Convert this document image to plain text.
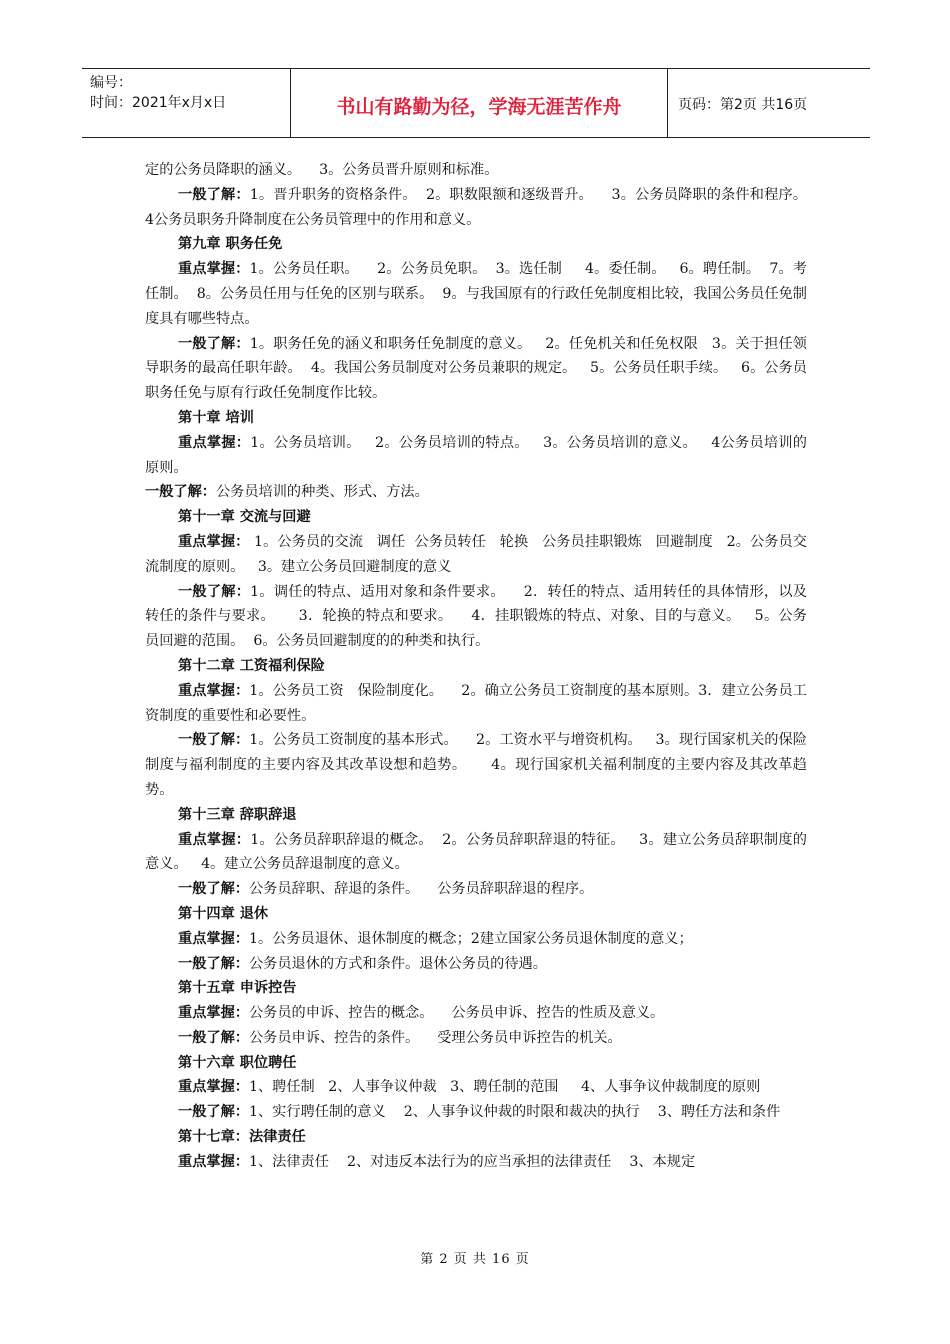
编号：
时间：2021年x月x日	书山有路勤为径，学海无涯苦作舟	页码：第2页 共16页

定的公务员降职的涵义。    3。公务员晋升原则和标准。

一般了解：1。晋升职务的资格条件。  2。职数限额和逐级晋升。    3。公务员降职的条件和程序。   4公务员职务升降制度在公务员管理中的作用和意义。

第九章 职务任免

重点掌握：1。公务员任职。    2。公务员免职。  3。选任制     4。委任制。   6。聘任制。  7。考任制。  8。公务员任用与任免的区别与联系。  9。与我国原有的行政任免制度相比较，我国公务员任免制度具有哪些特点。

一般了解：1。职务任免的涵义和职务任免制度的意义。   2。任免机关和任免权限   3。关于担任领导职务的最高任职年龄。  4。我国公务员制度对公务员兼职的规定。   5。公务员任职手续。   6。公务员职务任免与原有行政任免制度作比较。

第十章 培训

重点掌握：1。公务员培训。   2。公务员培训的特点。   3。公务员培训的意义。   4公务员培训的原则。

一般了解：公务员培训的种类、形式、方法。

第十一章 交流与回避

重点掌握： 1。公务员的交流   调任  公务员转任   轮换   公务员挂职锻炼   回避制度   2。公务员交流制度的原则。   3。建立公务员回避制度的意义

一般了解：1。调任的特点、适用对象和条件要求。    2．转任的特点、适用转任的具体情形，以及转任的条件与要求。     3．轮换的特点和要求。    4．挂职锻炼的特点、对象、目的与意义。   5。公务员回避的范围。  6。公务员回避制度的的种类和执行。

第十二章 工资福利保险

重点掌握：1。公务员工资   保险制度化。    2。确立公务员工资制度的基本原则。3．建立公务员工资制度的重要性和必要性。

一般了解：1。公务员工资制度的基本形式。    2。工资水平与增资机构。   3。现行国家机关的保险制度与福利制度的主要内容及其改革设想和趋势。     4。现行国家机关福利制度的主要内容及其改革趋势。

第十三章 辞职辞退

重点掌握：1。公务员辞职辞退的概念。  2。公务员辞职辞退的特征。   3。建立公务员辞职制度的意义。   4。建立公务员辞退制度的意义。

一般了解：公务员辞职、辞退的条件。    公务员辞职辞退的程序。

第十四章 退休

重点掌握：1。公务员退休、退休制度的概念；2建立国家公务员退休制度的意义；

一般了解：公务员退休的方式和条件。退休公务员的待遇。

第十五章 申诉控告

重点掌握：公务员的申诉、控告的概念。    公务员申诉、控告的性质及意义。

一般了解：公务员申诉、控告的条件。    受理公务员申诉控告的机关。

第十六章 职位聘任

重点掌握：1、聘任制   2、人事争议仲裁   3、聘任制的范围     4、人事争议仲裁制度的原则

一般了解：1、实行聘任制的意义    2、人事争议仲裁的时限和裁决的执行    3、聘任方法和条件

第十七章：法律责任

重点掌握：1、法律责任    2、对违反本法行为的应当承担的法律责任    3、本规定

第 2 页 共 16 页
